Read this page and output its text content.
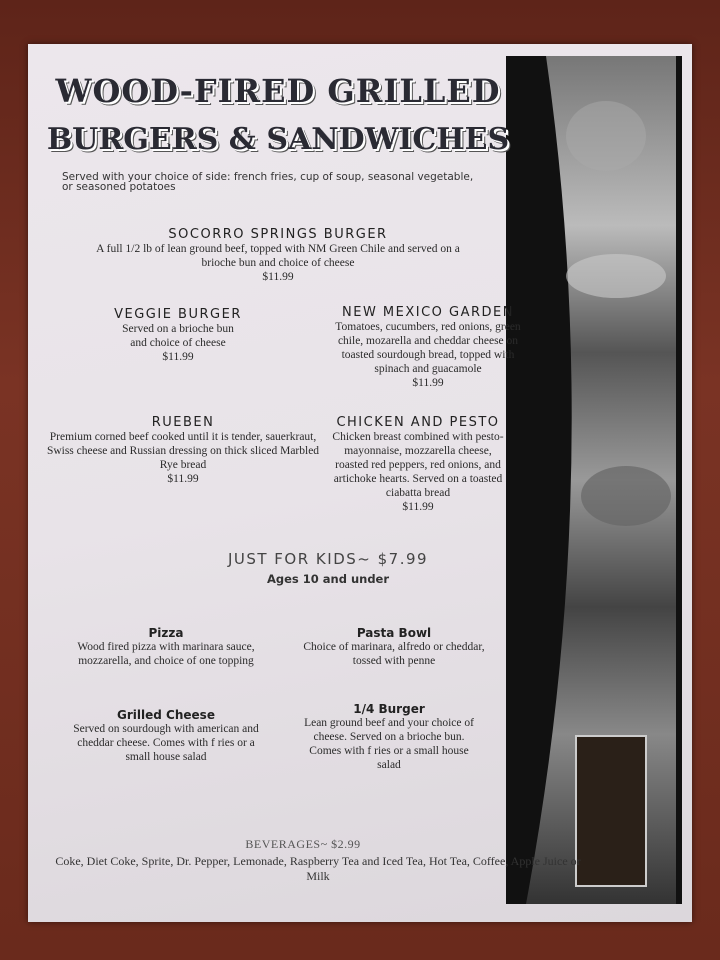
WOOD-FIRED GRILLED
BURGERS & SANDWICHES
Served with your choice of side: french fries, cup of soup, seasonal vegetable, or seasoned potatoes
SOCORRO SPRINGS BURGER
A full 1/2 lb of lean ground beef, topped with NM Green Chile and served on a brioche bun and choice of cheese
$11.99
VEGGIE BURGER
Served on a brioche bun and choice of cheese
$11.99
NEW MEXICO GARDEN
Tomatoes, cucumbers, red onions, green chile, mozarella and cheddar cheese on toasted sourdough bread, topped with spinach and guacamole
$11.99
RUEBEN
Premium corned beef cooked until it is tender, sauerkraut, Swiss cheese and Russian dressing on thick sliced Marbled Rye bread
$11.99
CHICKEN AND PESTO
Chicken breast combined with pesto-mayonnaise, mozzarella cheese, roasted red peppers, red onions, and artichoke hearts. Served on a toasted ciabatta bread
$11.99
JUST FOR KIDS~ $7.99
Ages 10 and under
Pizza
Wood fired pizza with marinara sauce, mozzarella, and choice of one topping
Pasta Bowl
Choice of marinara, alfredo or cheddar, tossed with penne
Grilled Cheese
Served on sourdough with american and cheddar cheese. Comes with f ries or a small house salad
1/4 Burger
Lean ground beef and your choice of cheese. Served on a brioche bun. Comes with f ries or a small house salad
BEVERAGES~ $2.99
Coke, Diet Coke, Sprite, Dr. Pepper, Lemonade, Raspberry Tea and Iced Tea, Hot Tea, Coffee, Apple Juice or Milk
